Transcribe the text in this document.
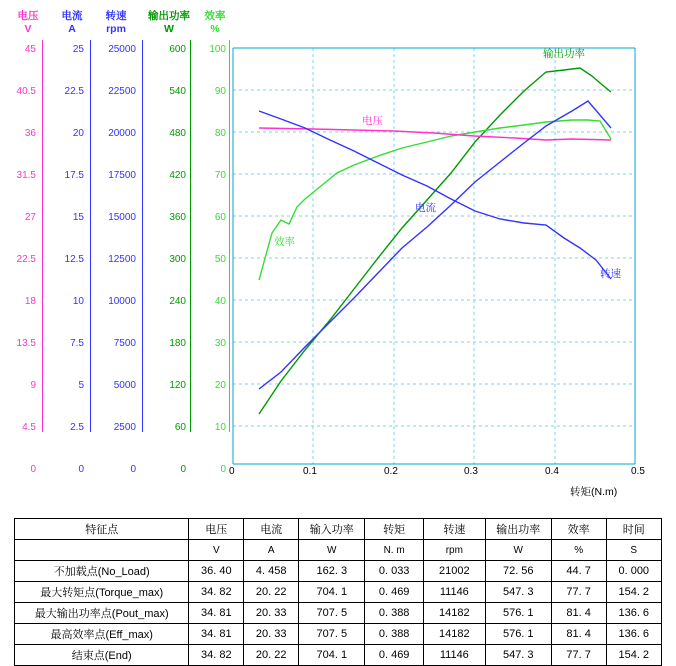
电压
V
电流
A
转速
rpm
输出功率
W
效率
%
45
40.5
36
31.5
27
22.5
18
13.5
9
4.5
0
25
22.5
20
17.5
15
12.5
10
7.5
5
2.5
0
25000
22500
20000
17500
15000
12500
10000
7500
5000
2500
0
600
540
480
420
360
300
240
180
120
60
0
100
90
80
70
60
50
40
30
20
10
0
输出功率
电压
电流
效率
转速
0	0.1	0.2	0.3	0.4	0.5
转矩(N.m)
特征点	电压	电流	输入功率	转矩	转速	输出功率	效率	时间
	V	A	W	N. m	rpm	W	%	S
不加载点(No_Load)	36. 40	4. 458	162. 3	0. 033	21002	72. 56	44. 7	0. 000
最大转矩点(Torque_max)	34. 82	20. 22	704. 1	0. 469	11146	547. 3	77. 7	154. 2
最大输出功率点(Pout_max)	34. 81	20. 33	707. 5	0. 388	14182	576. 1	81. 4	136. 6
最高效率点(Eff_max)	34. 81	20. 33	707. 5	0. 388	14182	576. 1	81. 4	136. 6
结束点(End)	34. 82	20. 22	704. 1	0. 469	11146	547. 3	77. 7	154. 2
